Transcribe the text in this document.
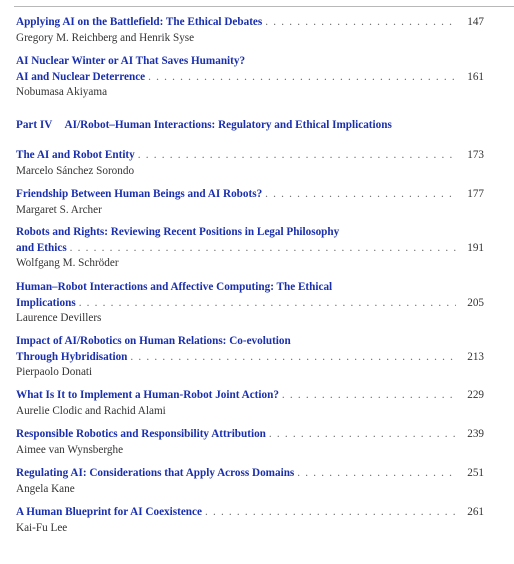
Applying AI on the Battlefield: The Ethical Debates . . .	147
Gregory M. Reichberg and Henrik Syse
AI Nuclear Winter or AI That Saves Humanity?
AI and Nuclear Deterrence . . .	161
Nobumasa Akiyama
Part IV AI/Robot–Human Interactions: Regulatory and Ethical Implications
The AI and Robot Entity . . .	173
Marcelo Sánchez Sorondo
Friendship Between Human Beings and AI Robots? . . .	177
Margaret S. Archer
Robots and Rights: Reviewing Recent Positions in Legal Philosophy
and Ethics . . .	191
Wolfgang M. Schröder
Human–Robot Interactions and Affective Computing: The Ethical
Implications . . .	205
Laurence Devillers
Impact of AI/Robotics on Human Relations: Co-evolution
Through Hybridisation . . .	213
Pierpaolo Donati
What Is It to Implement a Human-Robot Joint Action? . . .	229
Aurelie Clodic and Rachid Alami
Responsible Robotics and Responsibility Attribution . . .	239
Aimee van Wynsberghe
Regulating AI: Considerations that Apply Across Domains . . .	251
Angela Kane
A Human Blueprint for AI Coexistence . . .	261
Kai-Fu Lee
